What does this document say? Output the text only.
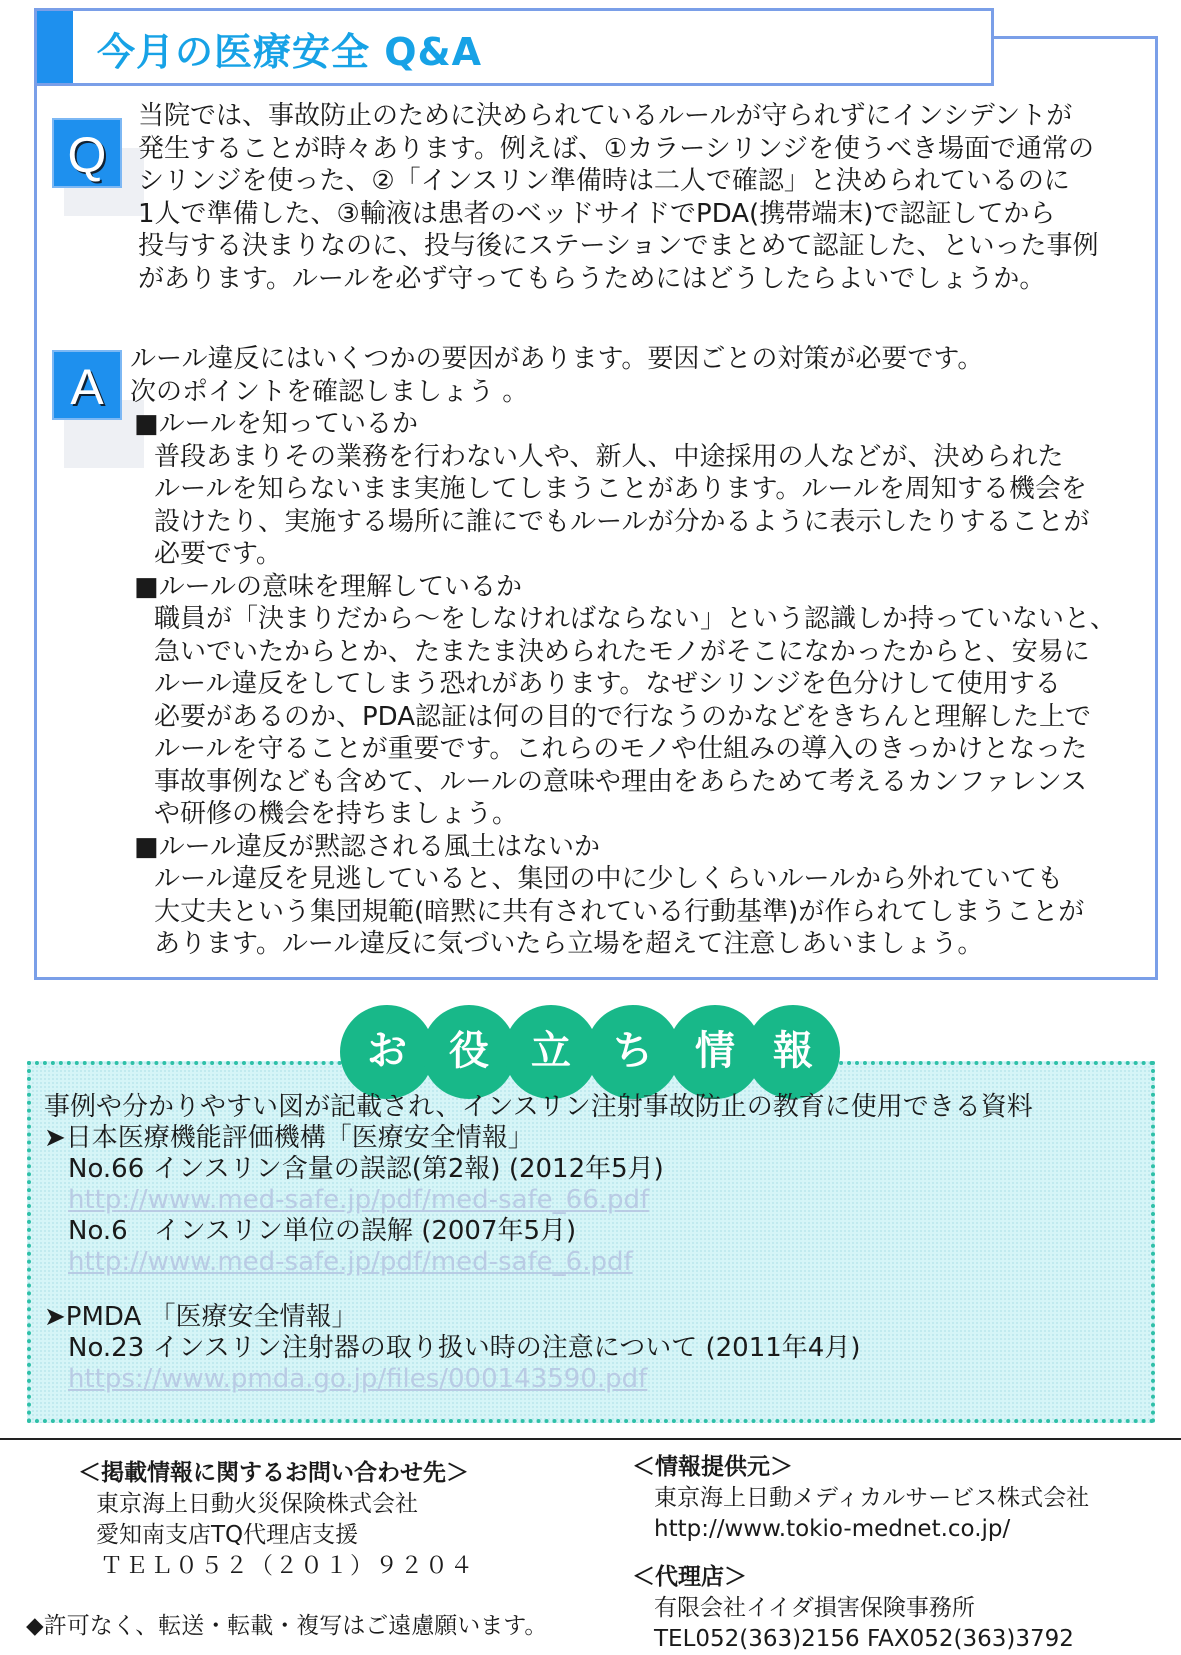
今月の医療安全 Q&A
Q
当院では、事故防止のために決められているルールが守られずにインシデントが
発生することが時々あります。例えば、①カラーシリンジを使うべき場面で通常の
シリンジを使った、②「インスリン準備時は二人で確認」と決められているのに
1人で準備した、③輸液は患者のベッドサイドでPDA(携帯端末)で認証してから
投与する決まりなのに、投与後にステーションでまとめて認証した、といった事例
があります。ルールを必ず守ってもらうためにはどうしたらよいでしょうか。
A	ルール違反にはいくつかの要因があります。要因ごとの対策が必要です。
次のポイントを確認しましょう 。
■ルールを知っているか
普段あまりその業務を行わない人や、新人、中途採用の人などが、決められた
ルールを知らないまま実施してしまうことがあります。ルールを周知する機会を
設けたり、実施する場所に誰にでもルールが分かるように表示したりすることが
必要です。
■ルールの意味を理解しているか
職員が「決まりだから～をしなければならない」という認識しか持っていないと、
急いでいたからとか、たまたま決められたモノがそこになかったからと、安易に
ルール違反をしてしまう恐れがあります。なぜシリンジを色分けして使用する
必要があるのか、PDA認証は何の目的で行なうのかなどをきちんと理解した上で
ルールを守ることが重要です。これらのモノや仕組みの導入のきっかけとなった
事故事例なども含めて、ルールの意味や理由をあらためて考えるカンファレンス
や研修の機会を持ちましょう。
■ルール違反が黙認される風土はないか
ルール違反を見逃していると、集団の中に少しくらいルールから外れていても
大丈夫という集団規範(暗黙に共有されている行動基準)が作られてしまうことが
あります。ルール違反に気づいたら立場を超えて注意しあいましょう。
お	役	立	ち	情 報
事例や分かりやすい図が記載され、インスリン注射事故防止の教育に使用できる資料
➤日本医療機能評価機構「医療安全情報」
No.66 インスリン含量の誤認(第2報) (2012年5月)
http://www.med-safe.jp/pdf/med-safe_66.pdf
No.6　インスリン単位の誤解 (2007年5月)
http://www.med-safe.jp/pdf/med-safe_6.pdf
➤PMDA 「医療安全情報」
No.23 インスリン注射器の取り扱い時の注意について (2011年4月)
https://www.pmda.go.jp/files/000143590.pdf
＜掲載情報に関するお問い合わせ先＞
東京海上日動火災保険株式会社
愛知南支店TQ代理店支援
ＴＥＬ０５２（２０１）９２０４
◆許可なく、転送・転載・複写はご遠慮願います。
＜情報提供元＞
東京海上日動メディカルサービス株式会社
http://www.tokio-mednet.co.jp/
＜代理店＞
有限会社イイダ損害保険事務所
TEL052(363)2156 FAX052(363)3792
